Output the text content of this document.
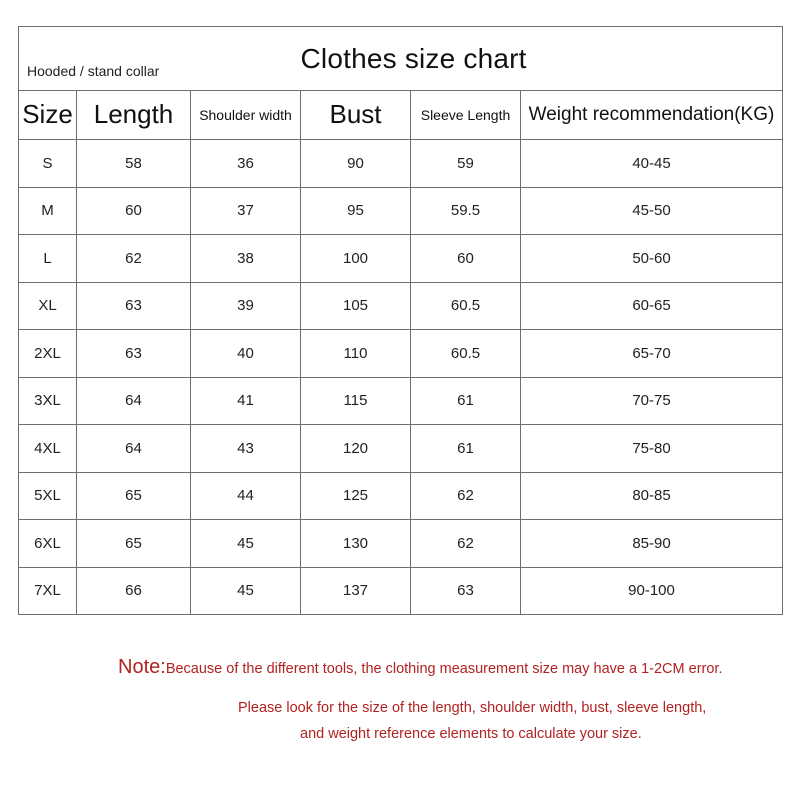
Hooded / stand collar			Clothes size chart		
Size	Length	Shoulder width	Bust	Sleeve Length	Weight recommendation(KG)
S	58	36	90	59	40-45
M	60	37	95	59.5	45-50
L	62	38	100	60	50-60
XL	63	39	105	60.5	60-65
2XL	63	40	110	60.5	65-70
3XL	64	41	115	61	70-75
4XL	64	43	120	61	75-80
5XL	65	44	125	62	80-85
6XL	65	45	130	62	85-90
7XL	66	45	137	63	90-100
Note:Because of the different tools, the clothing measurement size may have a 1-2CM error.
Please look for the size of the length, shoulder width, bust, sleeve length,
and weight reference elements to calculate your size.
